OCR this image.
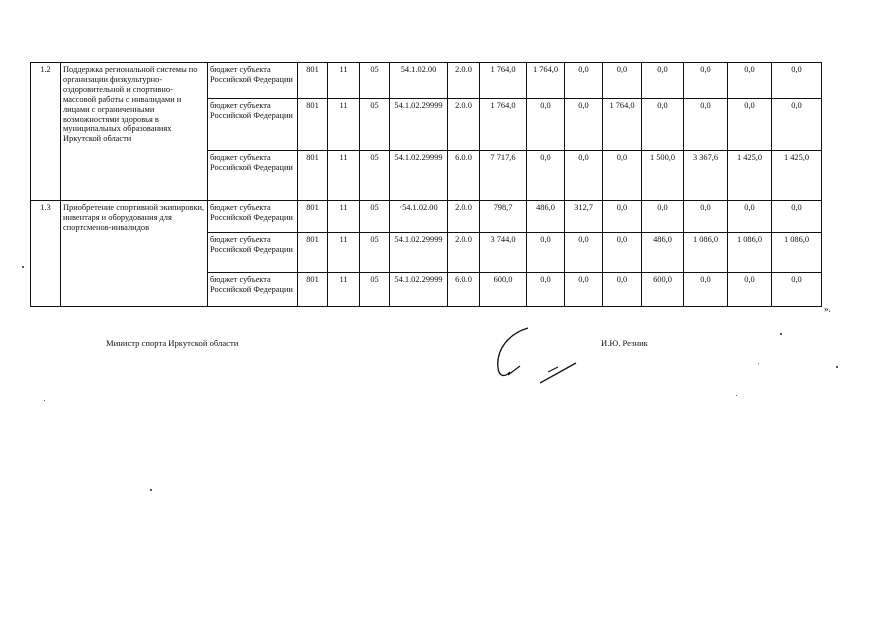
1.2	Поддержка региональной системы по организации физкультурно-оздоровительной и спортивно-массовой работы с инвалидами и лицами с ограниченными возможностями здоровья в муниципальных образованиях Иркутской области	бюджет субъекта Российской Федерации	801	11	05	54.1.02.00	2.0.0	1 764,0	1 764,0	0,0	0,0	0,0	0,0	0,0	0,0
		бюджет субъекта Российской Федерации	801	11	05	54.1.02.29999	2.0.0	1 764,0	0,0	0,0	1 764,0	0,0	0,0	0,0	0,0
		бюджет субъекта Российской Федерации	801	11	05	54.1.02.29999	6.0.0	7 717,6	0,0	0,0	0,0	1 500,0	3 367,6	1 425,0	1 425,0
1.3	Приобретение спортивной экипировки, инвентаря и оборудования для спортсменов-инвалидов	бюджет субъекта Российской Федерации	801	11	05	·54.1.02.00	2.0.0	798,7	486,0	312,7	0,0	0,0	0,0	0,0	0,0
		бюджет субъекта Российской Федерации	801	11	05	54.1.02.29999	2.0.0	3 744,0	0,0	0,0	0,0	486,0	1 086,0	1 086,0	1 086,0
		бюджет субъекта Российской Федерации	801	11	05	54.1.02.29999	6.0.0	600,0	0,0	0,0	0,0	600,0	0,0	0,0	0,0
».
Министр спорта Иркутской области	И.Ю. Резник
